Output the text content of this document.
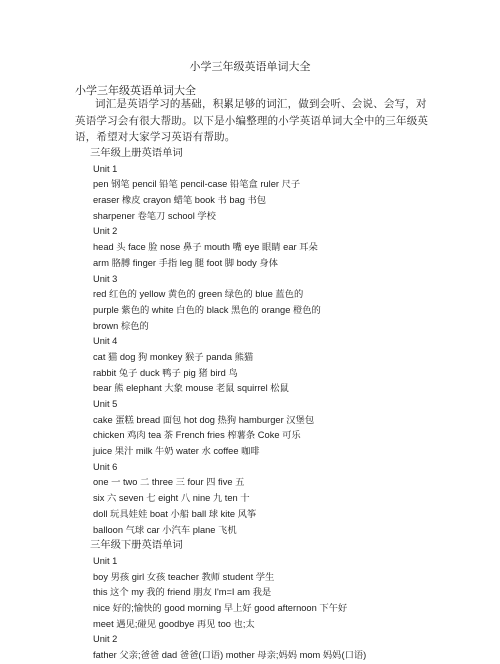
小学三年级英语单词大全
小学三年级英语单词大全
词汇是英语学习的基础，积累足够的词汇，做到会听、会说、会写，对英语学习会有很大帮助。以下是小编整理的小学英语单词大全中的三年级英语，希望对大家学习英语有帮助。
三年级上册英语单词
Unit 1
pen 钢笔 pencil 铅笔 pencil-case 铅笔盒 ruler 尺子
eraser 橡皮 crayon 蜡笔 book 书 bag 书包
sharpener 卷笔刀 school 学校
Unit 2
head 头 face 脸 nose 鼻子 mouth 嘴 eye 眼睛 ear 耳朵
arm 胳膊 finger 手指 leg 腿 foot 脚 body 身体
Unit 3
red 红色的 yellow 黄色的 green 绿色的 blue 蓝色的
purple 紫色的 white 白色的 black 黑色的 orange 橙色的
brown 棕色的
Unit 4
cat 猫 dog 狗 monkey 猴子 panda 熊猫
rabbit 兔子 duck 鸭子 pig 猪 bird 鸟
bear 熊 elephant 大象 mouse 老鼠 squirrel 松鼠
Unit 5
cake 蛋糕 bread 面包 hot dog 热狗 hamburger 汉堡包
chicken 鸡肉 tea 茶 French fries 榨薯条 Coke 可乐
juice 果汁 milk 牛奶 water 水 coffee 咖啡
Unit 6
one 一 two 二 three 三 four 四 five 五
six 六 seven 七 eight 八 nine 九 ten 十
doll 玩具娃娃 boat 小船 ball 球 kite 风筝
balloon 气球 car 小汽车 plane 飞机
三年级下册英语单词
Unit 1
boy 男孩 girl 女孩 teacher 教师 student 学生
this 这个 my 我的 friend 朋友 I'm=I am 我是
nice 好的;愉快的 good morning 早上好 good afternoon 下午好
meet 遇见;碰见 goodbye 再见 too 也;太
Unit 2
father 父亲;爸爸 dad 爸爸(口语) mother 母亲;妈妈 mom 妈妈(口语)
